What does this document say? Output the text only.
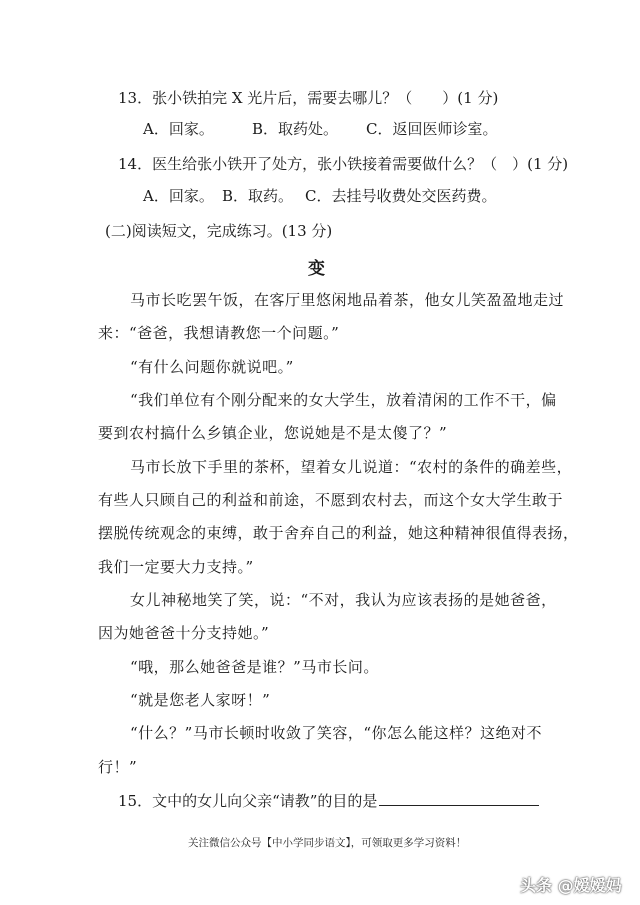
13．张小铁拍完 X 光片后，需要去哪儿？（　　）(1 分)
A．回家。	B．取药处。 C．返回医师诊室。
14．医生给张小铁开了处方，张小铁接着需要做什么？（　）(1 分)
A．回家。 B．取药。 C．去挂号收费处交医药费。
(二)阅读短文，完成练习。(13 分)
变
马市长吃罢午饭，在客厅里悠闲地品着茶，他女儿笑盈盈地走过
来：“爸爸，我想请教您一个问题。”
“有什么问题你就说吧。”
“我们单位有个刚分配来的女大学生，放着清闲的工作不干，偏
要到农村搞什么乡镇企业，您说她是不是太傻了？”
马市长放下手里的茶杯，望着女儿说道：“农村的条件的确差些，
有些人只顾自己的利益和前途，不愿到农村去，而这个女大学生敢于
摆脱传统观念的束缚，敢于舍弃自己的利益，她这种精神很值得表扬，
我们一定要大力支持。”
女儿神秘地笑了笑，说：“不对，我认为应该表扬的是她爸爸，
因为她爸爸十分支持她。”
“哦，那么她爸爸是谁？”马市长问。
“就是您老人家呀！”
“什么？”马市长顿时收敛了笑容，“你怎么能这样？这绝对不
行！”
15．文中的女儿向父亲“请教”的目的是
关注微信公众号【中小学同步语文】，可领取更多学习资料！
头条 @嫒嫒妈
